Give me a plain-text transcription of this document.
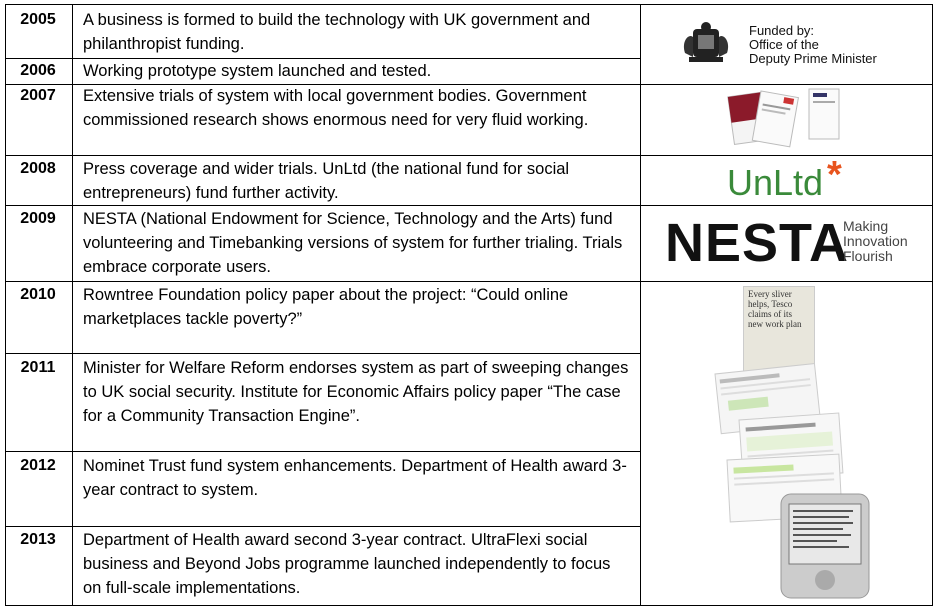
2005	A business is formed to build the technology with UK government and philanthropist funding.
2006	Working prototype system launched and tested.
2007	Extensive trials of system with local government bodies. Government commissioned research shows enormous need for very fluid working.
2008	Press coverage and wider trials. UnLtd (the national fund for social entrepreneurs) fund further activity.
2009	NESTA (National Endowment for Science, Technology and the Arts) fund volunteering and Timebanking versions of system for further trialing. Trials embrace corporate users.
2010	Rowntree Foundation policy paper about the project: “Could online marketplaces tackle poverty?”
2011	Minister for Welfare Reform endorses system as part of sweeping changes to UK social security. Institute for Economic Affairs policy paper “The case for a Community Transaction Engine”.
2012	Nominet Trust fund system enhancements. Department of Health award 3-year contract to system.
2013	Department of Health award second 3-year contract. UltraFlexi social business and Beyond Jobs programme launched independently to focus on full-scale implementations.
Funded by:
Office of the
Deputy Prime Minister
UnLtd *
NESTA
Making
Innovation
Flourish
Every sliver
helps, Tesco
claims of its
new work plan
